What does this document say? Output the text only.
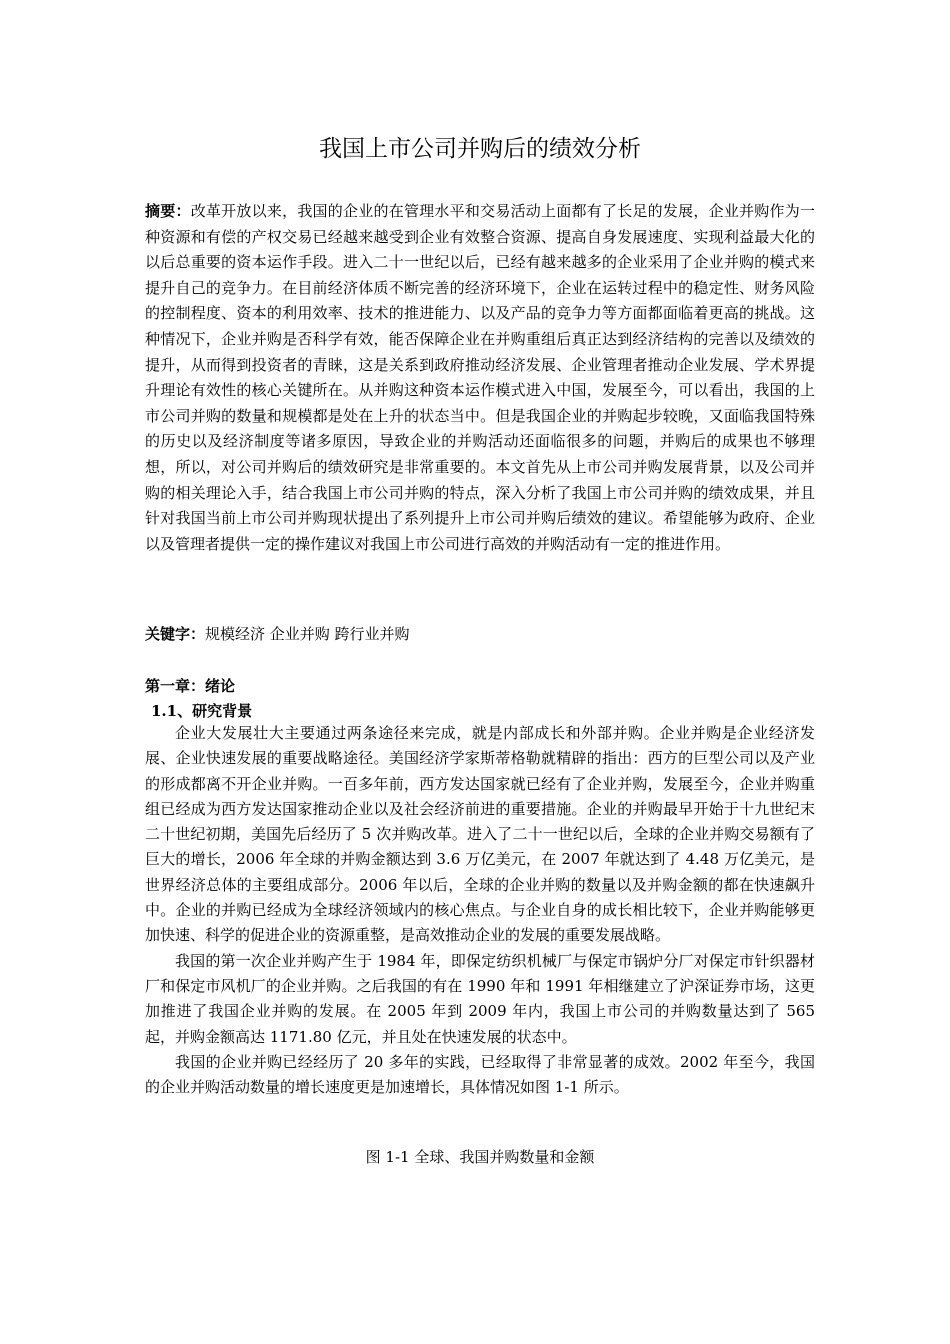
我国上市公司并购后的绩效分析

摘要：改革开放以来，我国的企业的在管理水平和交易活动上面都有了长足的发展，企业并购作为一种资源和有偿的产权交易已经越来越受到企业有效整合资源、提高自身发展速度、实现利益最大化的以后总重要的资本运作手段。进入二十一世纪以后，已经有越来越多的企业采用了企业并购的模式来提升自己的竞争力。在目前经济体质不断完善的经济环境下，企业在运转过程中的稳定性、财务风险的控制程度、资本的利用效率、技术的推进能力、以及产品的竞争力等方面都面临着更高的挑战。这种情况下，企业并购是否科学有效，能否保障企业在并购重组后真正达到经济结构的完善以及绩效的提升，从而得到投资者的青睐，这是关系到政府推动经济发展、企业管理者推动企业发展、学术界提升理论有效性的核心关键所在。从并购这种资本运作模式进入中国，发展至今，可以看出，我国的上市公司并购的数量和规模都是处在上升的状态当中。但是我国企业的并购起步较晚，又面临我国特殊的历史以及经济制度等诸多原因，导致企业的并购活动还面临很多的问题，并购后的成果也不够理想，所以，对公司并购后的绩效研究是非常重要的。本文首先从上市公司并购发展背景，以及公司并购的相关理论入手，结合我国上市公司并购的特点，深入分析了我国上市公司并购的绩效成果，并且针对我国当前上市公司并购现状提出了系列提升上市公司并购后绩效的建议。希望能够为政府、企业以及管理者提供一定的操作建议对我国上市公司进行高效的并购活动有一定的推进作用。

关键字：规模经济 企业并购 跨行业并购

第一章：绪论

1.1、研究背景

企业大发展壮大主要通过两条途径来完成，就是内部成长和外部并购。企业并购是企业经济发展、企业快速发展的重要战略途径。美国经济学家斯蒂格勒就精辟的指出：西方的巨型公司以及产业的形成都离不开企业并购。一百多年前，西方发达国家就已经有了企业并购，发展至今，企业并购重组已经成为西方发达国家推动企业以及社会经济前进的重要措施。企业的并购最早开始于十九世纪末二十世纪初期，美国先后经历了 5 次并购改革。进入了二十一世纪以后，全球的企业并购交易额有了巨大的增长，2006 年全球的并购金额达到 3.6 万亿美元，在 2007 年就达到了 4.48 万亿美元，是世界经济总体的主要组成部分。2006 年以后，全球的企业并购的数量以及并购金额的都在快速飙升中。企业的并购已经成为全球经济领域内的核心焦点。与企业自身的成长相比较下，企业并购能够更加快速、科学的促进企业的资源重整，是高效推动企业的发展的重要发展战略。

我国的第一次企业并购产生于 1984 年，即保定纺织机械厂与保定市锅炉分厂对保定市针织器材厂和保定市风机厂的企业并购。之后我国的有在 1990 年和 1991 年相继建立了沪深证券市场，这更加推进了我国企业并购的发展。在 2005 年到 2009 年内，我国上市公司的并购数量达到了 565 起，并购金额高达 1171.80 亿元，并且处在快速发展的状态中。

我国的企业并购已经经历了 20 多年的实践，已经取得了非常显著的成效。2002 年至今，我国的企业并购活动数量的增长速度更是加速增长，具体情况如图 1-1 所示。

图 1-1 全球、我国并购数量和金额
